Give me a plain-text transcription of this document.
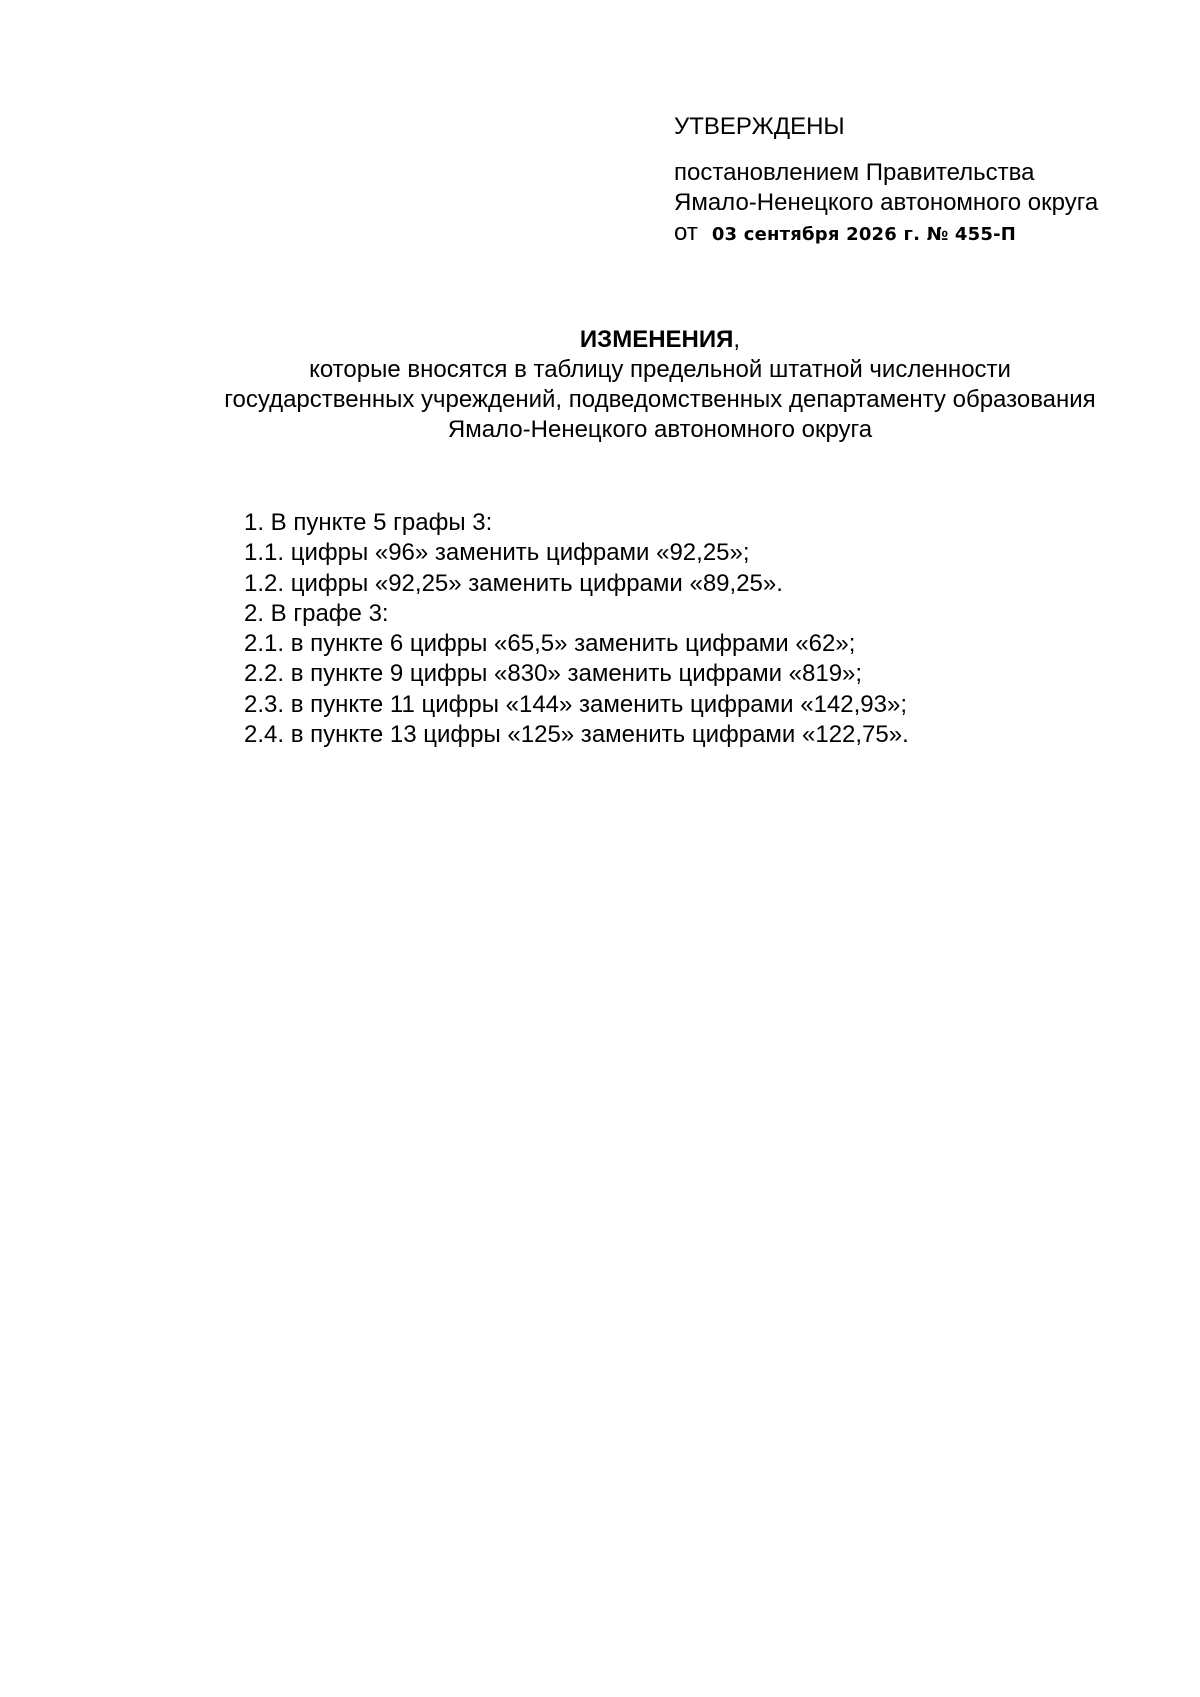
УТВЕРЖДЕНЫ

постановлением Правительства

Ямало-Ненецкого автономного округа

от 03 сентября 2026 г. № 455-П

ИЗМЕНЕНИЯ,

которые вносятся в таблицу предельной штатной численности

государственных учреждений, подведомственных департаменту образования

Ямало-Ненецкого автономного округа

1. В пункте 5 графы 3:

1.1. цифры «96» заменить цифрами «92,25»;

1.2. цифры «92,25» заменить цифрами «89,25».

2. В графе 3:

2.1. в пункте 6 цифры «65,5» заменить цифрами «62»;

2.2. в пункте 9 цифры «830» заменить цифрами «819»;

2.3. в пункте 11 цифры «144» заменить цифрами «142,93»;

2.4. в пункте 13 цифры «125» заменить цифрами «122,75».
